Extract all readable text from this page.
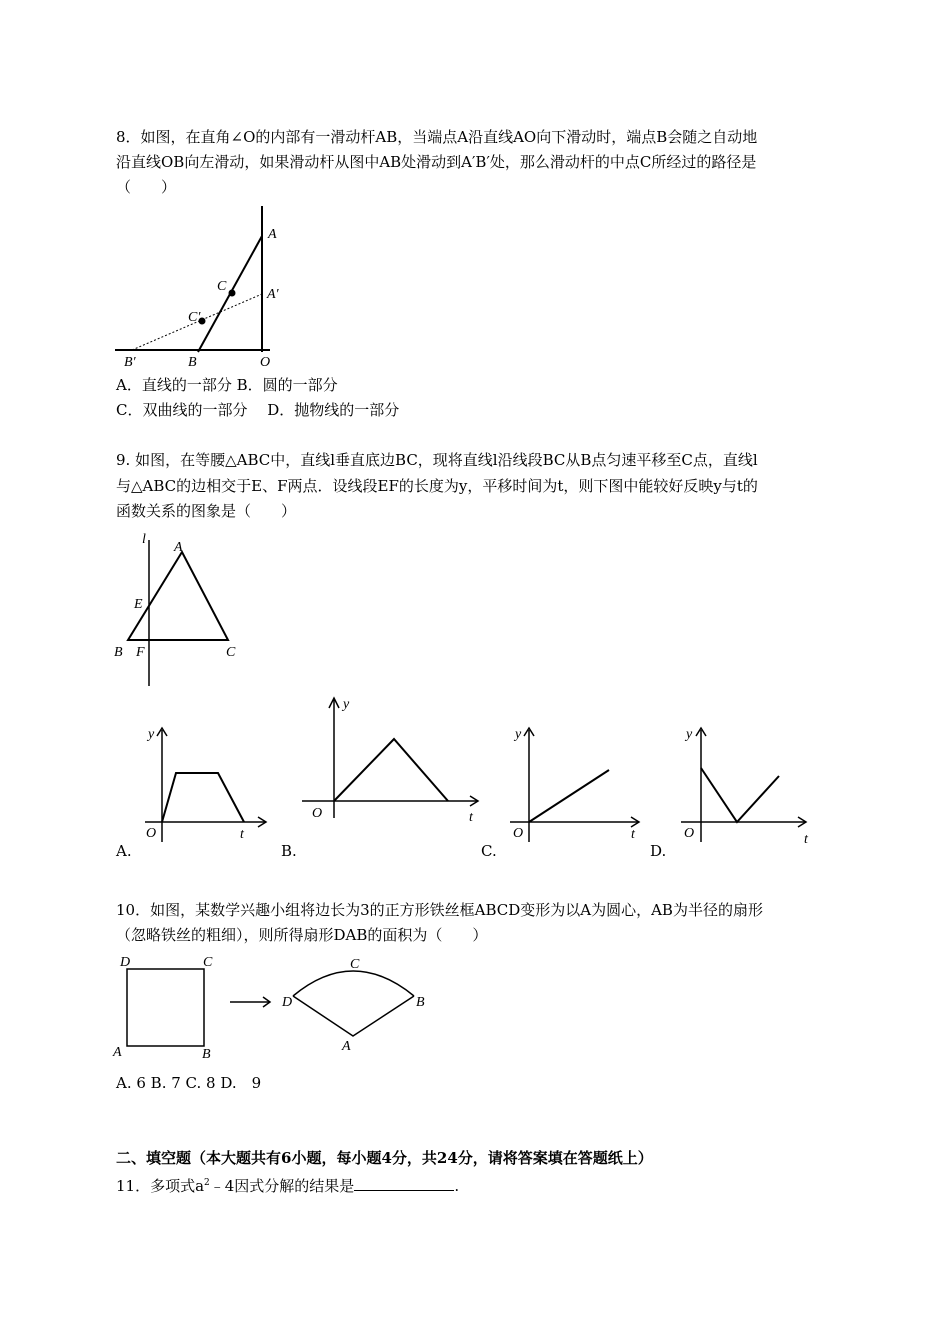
8．如图，在直角∠O的内部有一滑动杆AB，当端点A沿直线AO向下滑动时，端点B会随之自动地
沿直线OB向左滑动，如果滑动杆从图中AB处滑动到A′B′处，那么滑动杆的中点C所经过的路径是
（　　）
A
A′
C
C′
B′	B	O
A．直线的一部分 B．圆的一部分
C．双曲线的一部分　 D．抛物线的一部分
9. 如图，在等腰△ABC中，直线l垂直底边BC，现将直线l沿线段BC从B点匀速平移至C点，直线l
与△ABC的边相交于E、F两点．设线段EF的长度为y，平移时间为t，则下图中能较好反映y与t的
函数关系的图象是（　　）
l
A
E
B F	C
y
O	t
A.
y
O	t
B.
y
O	t
C.
y
O	t
D.
10．如图，某数学兴趣小组将边长为3的正方形铁丝框ABCD变形为以A为圆心，AB为半径的扇形
（忽略铁丝的粗细），则所得扇形DAB的面积为（　　）
D	C
A	B
D
C
B
A
A. 6 B. 7 C. 8 D.　9
二、填空题（本大题共有6小题，每小题4分，共24分，请将答案填在答题纸上）
11．多项式$a^2﹣4$因式分解的结果是	.
